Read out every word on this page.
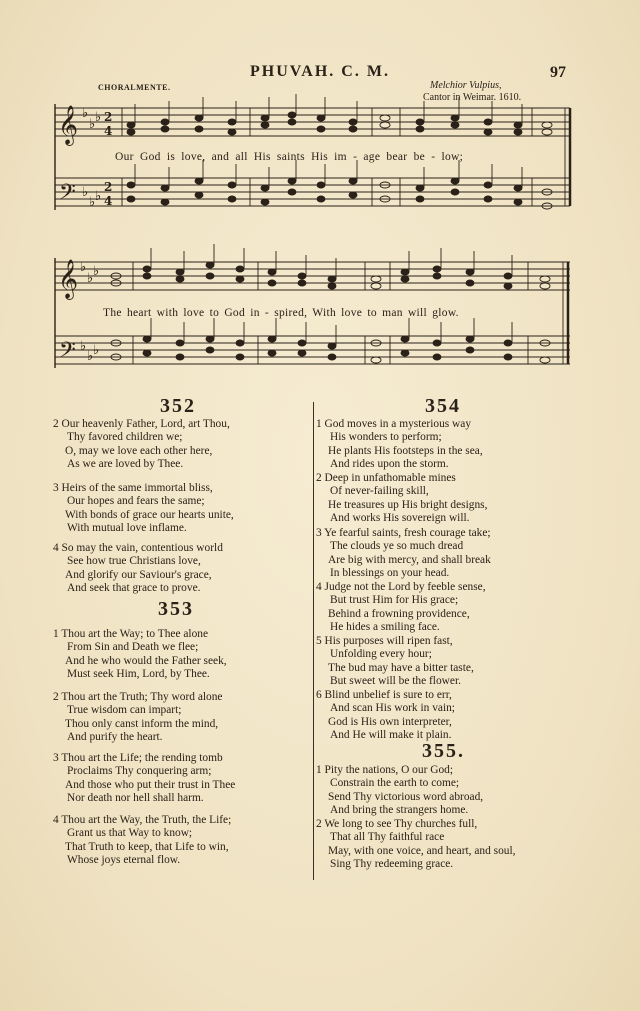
PHUVAH. C. M.	97
CHORALMENTE.	Melchior Vulpius,
Cantor in Weimar. 1610.
𝄞
𝄢
𝄞
𝄢
♭
♭ ♭
♭
♭ ♭
♭
♭ ♭
♭
♭ ♭
2
4
2
4
Our God is love, and all His saints His im - age bear be - low;
The heart with love to God in - spired, With love to man will glow.
352
2 Our heavenly Father, Lord, art Thou,
Thy favored children we;
O, may we love each other here,
As we are loved by Thee.
3 Heirs of the same immortal bliss,
Our hopes and fears the same;
With bonds of grace our hearts unite,
With mutual love inflame.
4 So may the vain, contentious world
See how true Christians love,
And glorify our Saviour's grace,
And seek that grace to prove.
353
1 Thou art the Way; to Thee alone
From Sin and Death we flee;
And he who would the Father seek,
Must seek Him, Lord, by Thee.
2 Thou art the Truth; Thy word alone
True wisdom can impart;
Thou only canst inform the mind,
And purify the heart.
3 Thou art the Life; the rending tomb
Proclaims Thy conquering arm;
And those who put their trust in Thee
Nor death nor hell shall harm.
4 Thou art the Way, the Truth, the Life;
Grant us that Way to know;
That Truth to keep, that Life to win,
Whose joys eternal flow.
354
1 God moves in a mysterious way
His wonders to perform;
He plants His footsteps in the sea,
And rides upon the storm.
2 Deep in unfathomable mines
Of never-failing skill,
He treasures up His bright designs,
And works His sovereign will.
3 Ye fearful saints, fresh courage take;
The clouds ye so much dread
Are big with mercy, and shall break
In blessings on your head.
4 Judge not the Lord by feeble sense,
But trust Him for His grace;
Behind a frowning providence,
He hides a smiling face.
5 His purposes will ripen fast,
Unfolding every hour;
The bud may have a bitter taste,
But sweet will be the flower.
6 Blind unbelief is sure to err,
And scan His work in vain;
God is His own interpreter,
And He will make it plain.
355.
1 Pity the nations, O our God;
Constrain the earth to come;
Send Thy victorious word abroad,
And bring the strangers home.
2 We long to see Thy churches full,
That all Thy faithful race
May, with one voice, and heart, and soul,
Sing Thy redeeming grace.
